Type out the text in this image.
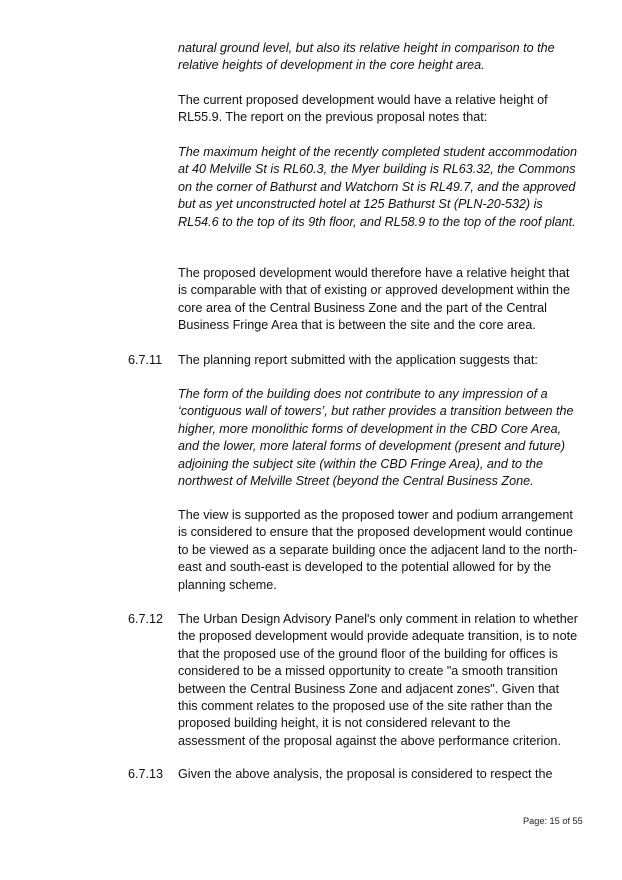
natural ground level, but also its relative height in comparison to the relative heights of development in the core height area.

The current proposed development would have a relative height of RL55.9. The report on the previous proposal notes that:

The maximum height of the recently completed student accommodation at 40 Melville St is RL60.3, the Myer building is RL63.32, the Commons on the corner of Bathurst and Watchorn St is RL49.7, and the approved but as yet unconstructed hotel at 125 Bathurst St (PLN-20-532) is RL54.6 to the top of its 9th floor, and RL58.9 to the top of the roof plant.

The proposed development would therefore have a relative height that is comparable with that of existing or approved development within the core area of the Central Business Zone and the part of the Central Business Fringe Area that is between the site and the core area.

6.7.11	The planning report submitted with the application suggests that:

The form of the building does not contribute to any impression of a ‘contiguous wall of towers’, but rather provides a transition between the higher, more monolithic forms of development in the CBD Core Area, and the lower, more lateral forms of development (present and future) adjoining the subject site (within the CBD Fringe Area), and to the northwest of Melville Street (beyond the Central Business Zone.

The view is supported as the proposed tower and podium arrangement is considered to ensure that the proposed development would continue to be viewed as a separate building once the adjacent land to the north-east and south-east is developed to the potential allowed for by the planning scheme.

6.7.12	The Urban Design Advisory Panel's only comment in relation to whether the proposed development would provide adequate transition, is to note that the proposed use of the ground floor of the building for offices is considered to be a missed opportunity to create "a smooth transition between the Central Business Zone and adjacent zones". Given that this comment relates to the proposed use of the site rather than the proposed building height, it is not considered relevant to the assessment of the proposal against the above performance criterion.

6.7.13	Given the above analysis, the proposal is considered to respect the

Page: 15 of 55
